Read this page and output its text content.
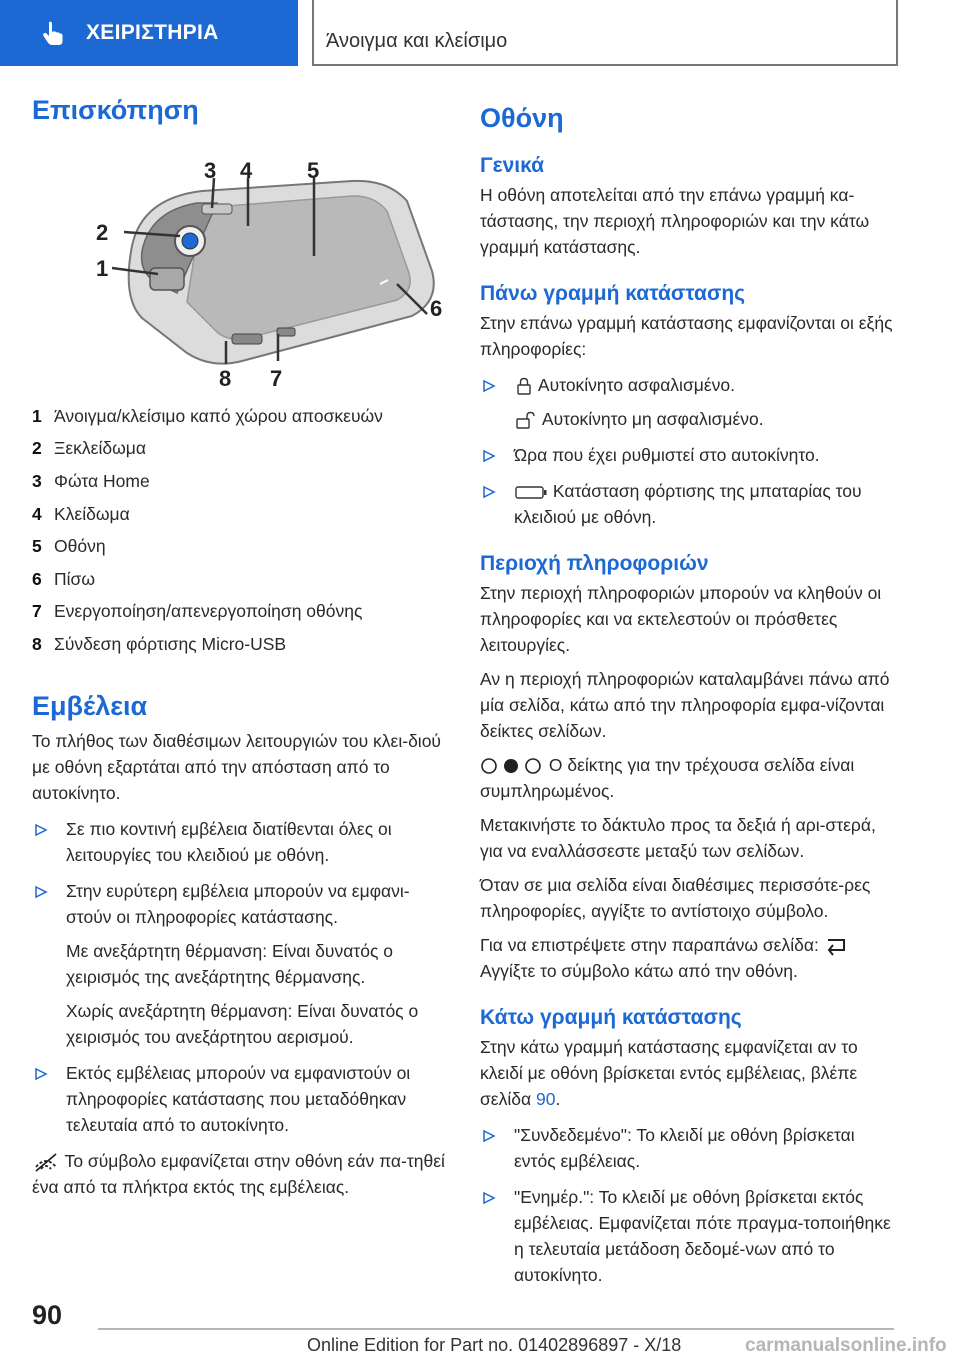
ΧΕΙΡΙΣΤΗΡΙΑ	Άνοιγμα και κλείσιμο
Επισκόπηση
3 4 5
2
1
6
8 7
1 Άνοιγμα/κλείσιμο καπό χώρου αποσκευών
2 Ξεκλείδωμα
3 Φώτα Home
4 Κλείδωμα
5 Οθόνη
6 Πίσω
7 Ενεργοποίηση/απενεργοποίηση οθόνης
8 Σύνδεση φόρτισης Micro-USB
Εμβέλεια

Το πλήθος των διαθέσιμων λειτουργιών του κλει-διού με οθόνη εξαρτάται από την απόσταση από το αυτοκίνητο.

Σε πιο κοντινή εμβέλεια διατίθενται όλες οι λειτουργίες του κλειδιού με οθόνη.

Στην ευρύτερη εμβέλεια μπορούν να εμφανι-στούν οι πληροφορίες κατάστασης.

Με ανεξάρτητη θέρμανση: Είναι δυνατός ο χειρισμός της ανεξάρτητης θέρμανσης.

Χωρίς ανεξάρτητη θέρμανση: Είναι δυνατός ο χειρισμός του ανεξάρτητου αερισμού.

Εκτός εμβέλειας μπορούν να εμφανιστούν οι πληροφορίες κατάστασης που μεταδόθηκαν τελευταία από το αυτοκίνητο.

Το σύμβολο εμφανίζεται στην οθόνη εάν πα-τηθεί ένα από τα πλήκτρα εκτός της εμβέλειας.

Οθόνη
Γενικά

Η οθόνη αποτελείται από την επάνω γραμμή κα-τάστασης, την περιοχή πληροφοριών και την κάτω γραμμή κατάστασης.

Πάνω γραμμή κατάστασης

Στην επάνω γραμμή κατάστασης εμφανίζονται οι εξής πληροφορίες:

Αυτοκίνητο ασφαλισμένο.

Αυτοκίνητο μη ασφαλισμένο.

Ώρα που έχει ρυθμιστεί στο αυτοκίνητο.

Κατάσταση φόρτισης της μπαταρίας του κλειδιού με οθόνη.

Περιοχή πληροφοριών

Στην περιοχή πληροφοριών μπορούν να κληθούν οι πληροφορίες και να εκτελεστούν οι πρόσθετες λειτουργίες.

Αν η περιοχή πληροφοριών καταλαμβάνει πάνω από μία σελίδα, κάτω από την πληροφορία εμφα-νίζονται δείκτες σελίδων.

Ο δείκτης για την τρέχουσα σελίδα είναι συμπληρωμένος.

Μετακινήστε το δάκτυλο προς τα δεξιά ή αρι-στερά, για να εναλλάσσεστε μεταξύ των σελίδων.

Όταν σε μια σελίδα είναι διαθέσιμες περισσότε-ρες πληροφορίες, αγγίξτε το αντίστοιχο σύμβολο.

Για να επιστρέψετε στην παραπάνω σελίδα:
Αγγίξτε το σύμβολο κάτω από την οθόνη.

Κάτω γραμμή κατάστασης

Στην κάτω γραμμή κατάστασης εμφανίζεται αν το κλειδί με οθόνη βρίσκεται εντός εμβέλειας, βλέπε σελίδα 90.

"Συνδεδεμένο": Το κλειδί με οθόνη βρίσκεται εντός εμβέλειας.

"Ενημέρ.": Το κλειδί με οθόνη βρίσκεται εκτός εμβέλειας. Εμφανίζεται πότε πραγμα-τοποιήθηκε η τελευταία μετάδοση δεδομέ-νων από το αυτοκίνητο.

90
Online Edition for Part no. 01402896897 - X/18	carmanualsonline.info
